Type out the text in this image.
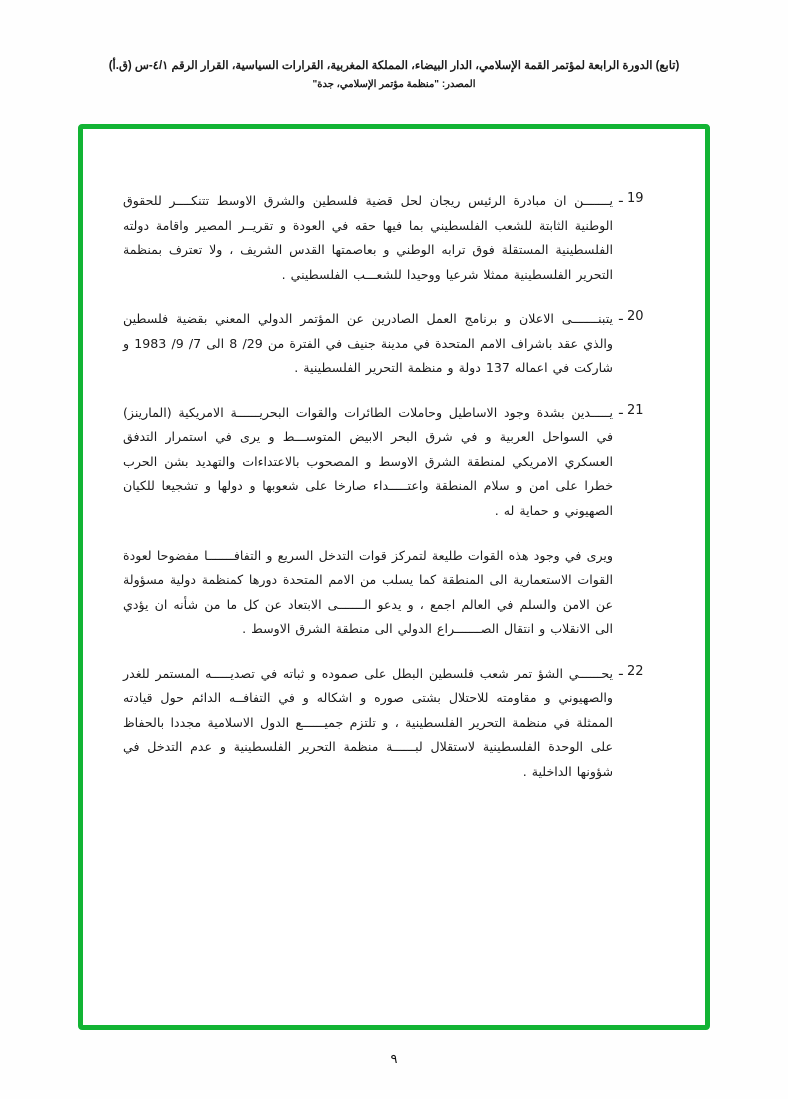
(تابع) الدورة الرابعة لمؤتمر القمة الإسلامي، الدار البيضاء، المملكة المغربية، القرارات السياسية، القرار الرقم ٤/١-س (ق.أ)
المصدر: "منظمة مؤتمر الإسلامي، جدة"
19 ـ
يـــــــن ان مبادرة الرئيس ريجان لحل قضية فلسطين والشرق الاوسط تتنكــــر للحقوق الوطنية الثابتة للشعب الفلسطيني بما فيها حقه في العودة و تقريــر المصير واقامة دولته الفلسطينية المستقلة فوق ترابه الوطني و بعاصمتها القدس الشريف ، ولا تعترف بمنظمة التحرير الفلسطينية ممثلا شرعيا ووحيدا للشعـــب الفلسطيني .
20 ـ
يتبنـــــــى الاعلان و برنامج العمل الصادرين عن المؤتمر الدولي المعني بقضية فلسطين والذي عقد باشراف الامم المتحدة في مدينة جنيف في الفترة من 29/ 8 الى 7/ 9/ 1983 و شاركت في اعماله 137 دولة و منظمة التحرير الفلسطينية .
21 ـ
يـــــدين بشدة وجود الاساطيل وحاملات الطائرات والقوات البحريــــــة الامريكية (المارينز) في السواحل العربية و في شرق البحر الابيض المتوســـط و يرى في استمرار التدفق العسكري الامريكي لمنطقة الشرق الاوسط و المصحوب بالاعتداءات والتهديد بشن الحرب خطرا على امن و سلام المنطقة واعتـــــداء صارخا على شعوبها و دولها و تشجيعا للكيان الصهيوني و حماية له .
ويرى في وجود هذه القوات طليعة لتمركز قوات التدخل السريع و التفافـــــــا مفضوحا لعودة القوات الاستعمارية الى المنطقة كما يسلب من الامم المتحدة دورها كمنظمة دولية مسؤولة عن الامن والسلم في العالم اجمع ، و يدعو الـــــــى الابتعاد عن كل ما من شأنه ان يؤدي الى الانقلاب و انتقال الصـــــــراع الدولي الى منطقة الشرق الاوسط .
22 ـ
يحــــــي الشؤ تمر شعب فلسطين البطل على صموده و ثباته في تصديـــــه المستمر للغدر والصهيوني و مقاومته للاحتلال بشتى صوره و اشكاله و في التفافــه الدائم حول قيادته الممثلة في منظمة التحرير الفلسطينية ، و تلتزم جميــــــع الدول الاسلامية مجددا بالحفاظ على الوحدة الفلسطينية لاستقلال لبــــــة منظمة التحرير الفلسطينية و عدم التدخل في شؤونها الداخلية .
٩
